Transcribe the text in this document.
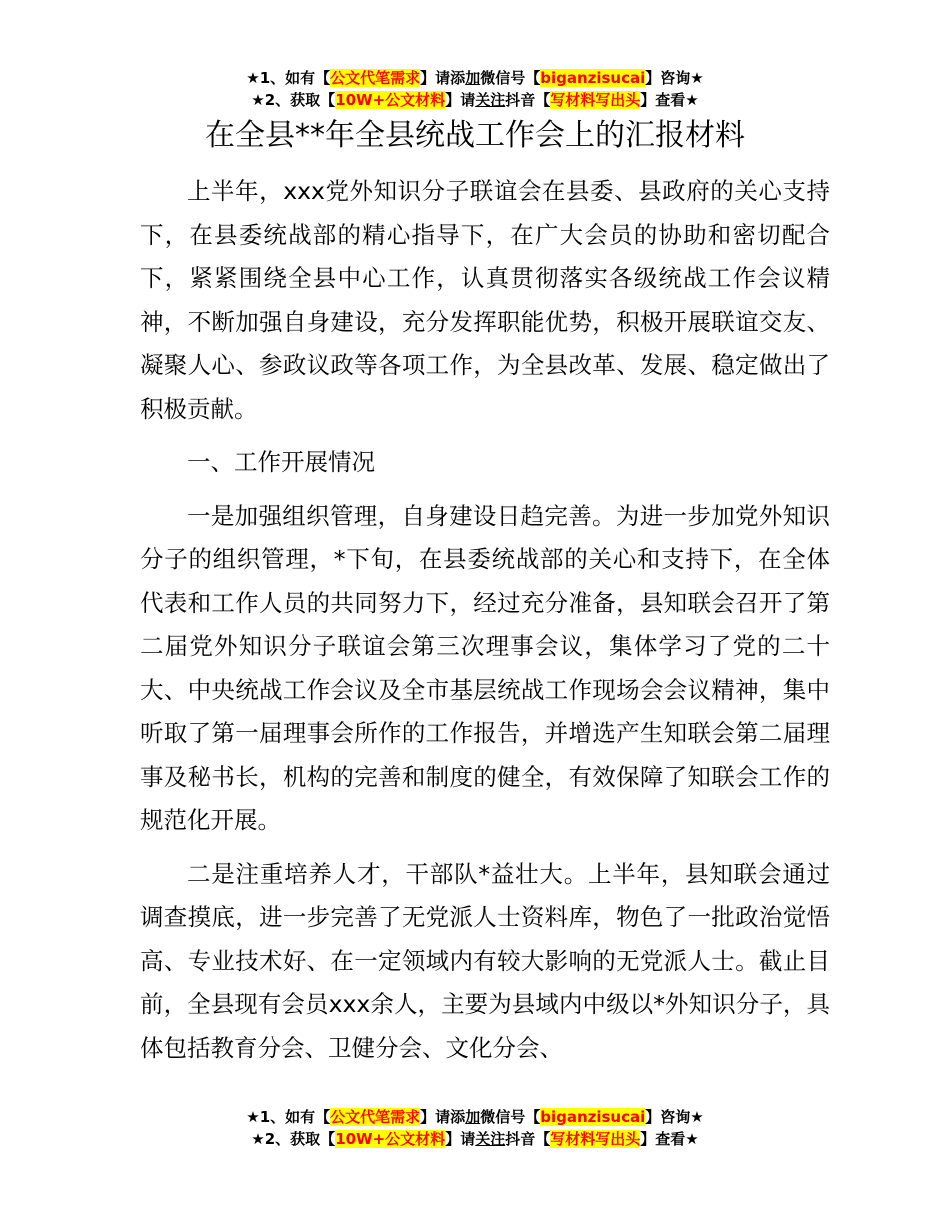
★1、如有【公文代笔需求】请添加微信号【biganzisucai】咨询★
★2、获取【10W+公文材料】请关注抖音【写材料写出头】查看★
在全县**年全县统战工作会上的汇报材料

上半年，xxx党外知识分子联谊会在县委、县政府的关心支持下，在县委统战部的精心指导下，在广大会员的协助和密切配合下，紧紧围绕全县中心工作，认真贯彻落实各级统战工作会议精神，不断加强自身建设，充分发挥职能优势，积极开展联谊交友、凝聚人心、参政议政等各项工作，为全县改革、发展、稳定做出了积极贡献。

一、工作开展情况

一是加强组织管理，自身建设日趋完善。为进一步加党外知识分子的组织管理，*下旬，在县委统战部的关心和支持下，在全体代表和工作人员的共同努力下，经过充分准备，县知联会召开了第二届党外知识分子联谊会第三次理事会议，集体学习了党的二十大、中央统战工作会议及全市基层统战工作现场会会议精神，集中听取了第一届理事会所作的工作报告，并增选产生知联会第二届理事及秘书长，机构的完善和制度的健全，有效保障了知联会工作的规范化开展。

二是注重培养人才，干部队*益壮大。上半年，县知联会通过调查摸底，进一步完善了无党派人士资料库，物色了一批政治觉悟高、专业技术好、在一定领域内有较大影响的无党派人士。截止目前，全县现有会员xxx余人，主要为县域内中级以*外知识分子，具体包括教育分会、卫健分会、文化分会、

★1、如有【公文代笔需求】请添加微信号【biganzisucai】咨询★
★2、获取【10W+公文材料】请关注抖音【写材料写出头】查看★
